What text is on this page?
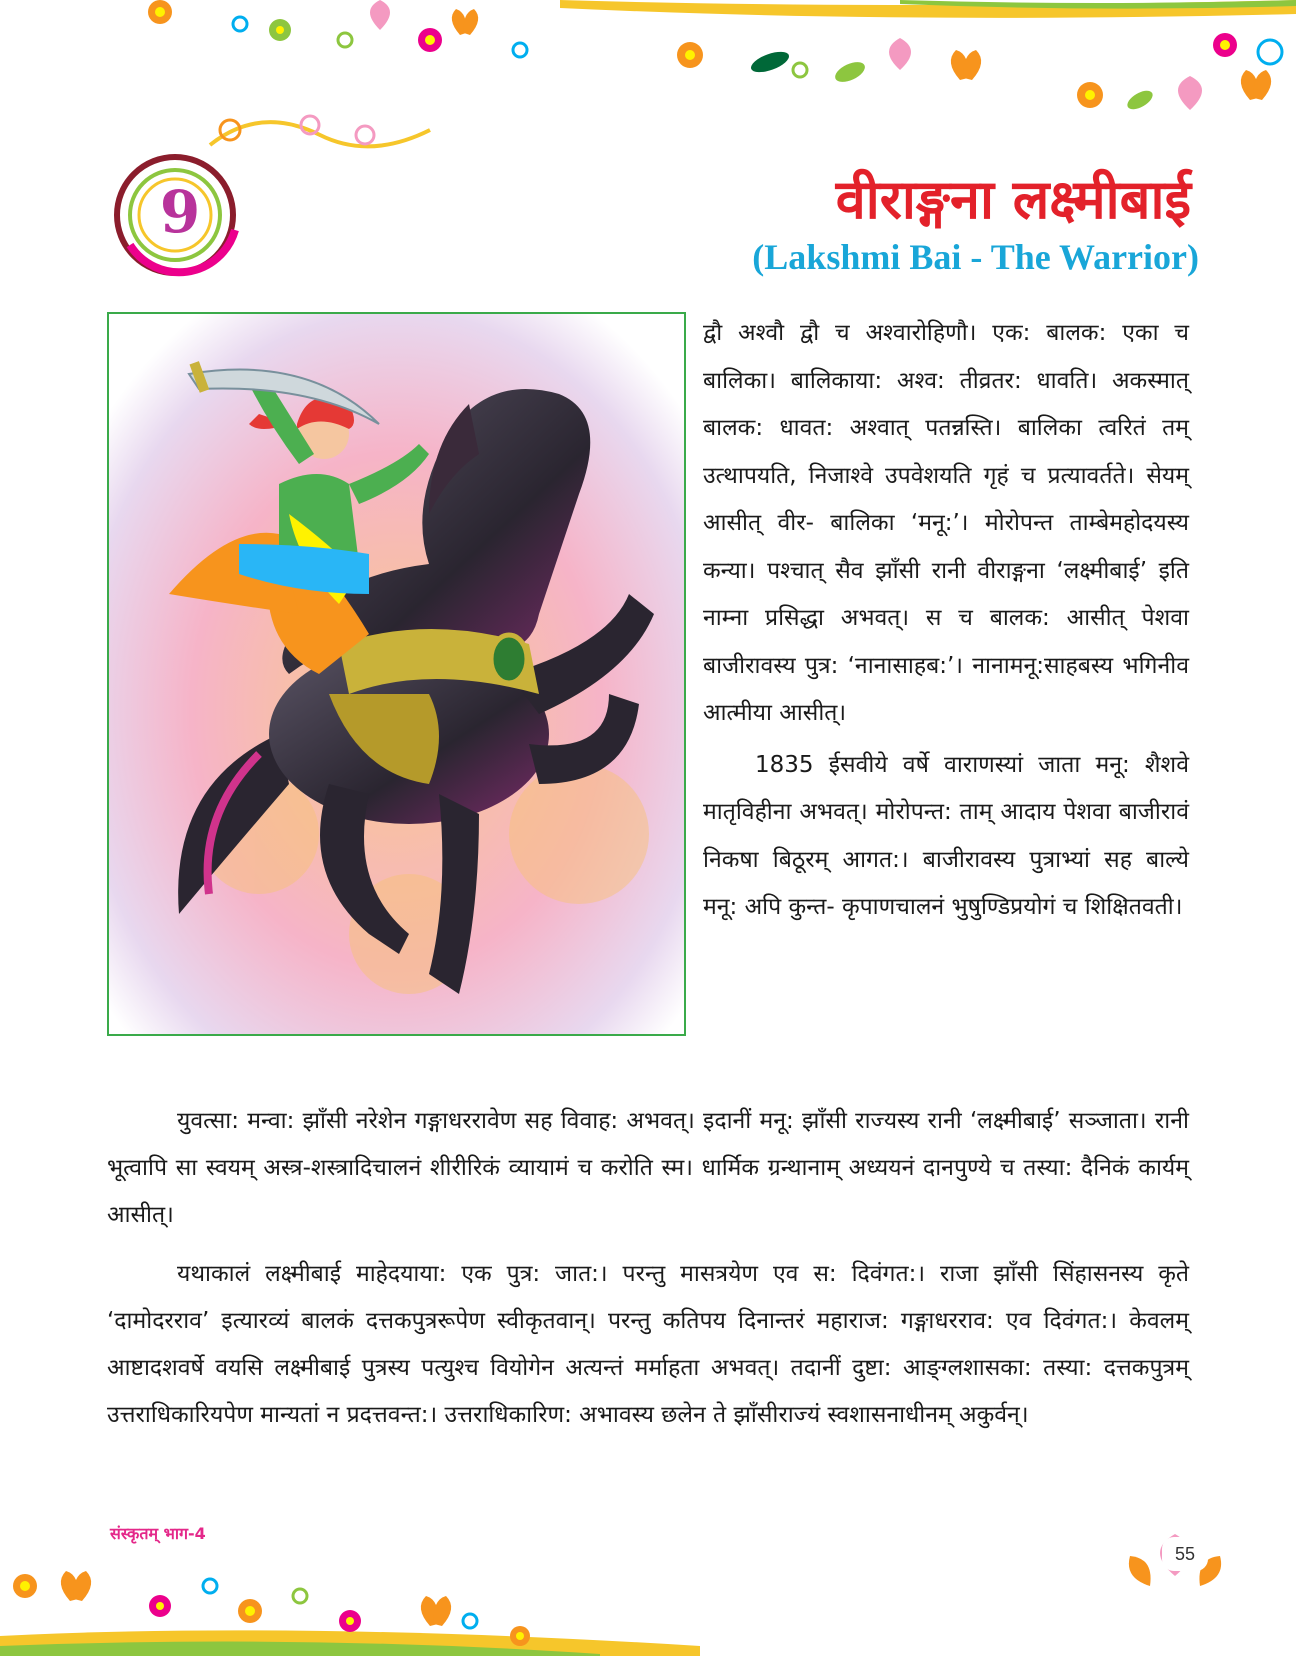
9	वीराङ्गना लक्ष्मीबाई
(Lakshmi Bai - The Warrior)

द्वौ अश्वौ द्वौ च अश्वारोहिणौ। एक: बालक: एका च बालिका। बालिकाया: अश्व: तीव्रतर: धावति। अकस्मात् बालक: धावत: अश्वात् पतन्नस्ति। बालिका त्वरितं तम् उत्थापयति, निजाश्वे उपवेशयति गृहं च प्रत्यावर्तते। सेयम् आसीत् वीर- बालिका ‘मनू:’। मोरोपन्त ताम्बेमहोदयस्य कन्या। पश्चात् सैव झाँसी रानी वीराङ्गना ‘लक्ष्मीबाई’ इति नाम्ना प्रसिद्धा अभवत्। स च बालक: आसीत् पेशवा बाजीरावस्य पुत्र: ‘नानासाहब:’। नानामनू:साहबस्य भगिनीव आत्मीया आसीत्।

1835 ईसवीये वर्षे वाराणस्यां जाता मनू: शैशवे मातृविहीना अभवत्। मोरोपन्त: ताम् आदाय पेशवा बाजीरावं निकषा बिठूरम् आगत:। बाजीरावस्य पुत्राभ्यां सह बाल्ये मनू: अपि कुन्त- कृपाणचालनं भुषुण्डिप्रयोगं च शिक्षितवती।

युवत्सा: मन्वा: झाँसी नरेशेन गङ्गाधररावेण सह विवाह: अभवत्। इदानीं मनू: झाँसी राज्यस्य रानी ‘लक्ष्मीबाई’ सञ्जाता। रानी भूत्वापि सा स्वयम् अस्त्र-शस्त्रादिचालनं शीरीरिकं व्यायामं च करोति स्म। धार्मिक ग्रन्थानाम् अध्ययनं दानपुण्ये च तस्या: दैनिकं कार्यम् आसीत्।

यथाकालं लक्ष्मीबाई माहेदयाया: एक पुत्र: जात:। परन्तु मासत्रयेण एव स: दिवंगत:। राजा झाँसी सिंहासनस्य कृते ‘दामोदरराव’ इत्यारव्यं बालकं दत्तकपुत्ररूपेण स्वीकृतवान्। परन्तु कतिपय दिनान्तरं महाराज: गङ्गाधरराव: एव दिवंगत:। केवलम् आष्टादशवर्षे वयसि लक्ष्मीबाई पुत्रस्य पत्युश्च वियोगेन अत्यन्तं मर्माहता अभवत्। तदानीं दुष्टा: आङ्ग्लशासका: तस्या: दत्तकपुत्रम् उत्तराधिकारियपेण मान्यतां न प्रदत्तवन्त:। उत्तराधिकारिण: अभावस्य छलेन ते झाँसीराज्यं स्वशासनाधीनम् अकुर्वन्।

संस्कृतम् भाग-4
55
